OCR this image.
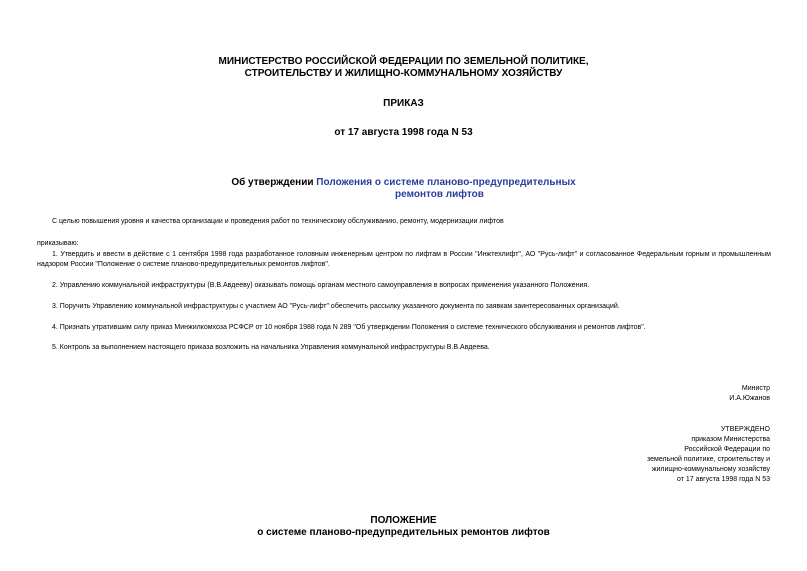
МИНИСТЕРСТВО РОССИЙСКОЙ ФЕДЕРАЦИИ ПО ЗЕМЕЛЬНОЙ ПОЛИТИКЕ,
СТРОИТЕЛЬСТВУ И ЖИЛИЩНО-КОММУНАЛЬНОМУ ХОЗЯЙСТВУ
ПРИКАЗ
от 17 августа 1998 года N 53
Об утверждении Положения о системе планово-предупредительных
ремонтов лифтов
С целью повышения уровня и качества организации и проведения работ по техническому обслуживанию, ремонту, модернизации лифтов
приказываю:
1. Утвердить и ввести в действие с 1 сентября 1998 года разработанное головным инженерным центром по лифтам в России "Инжтехлифт", АО "Русь-лифт" и согласованное Федеральным горным и промышленным надзором России "Положение о системе планово-предупредительных ремонтов лифтов".
2. Управлению коммунальной инфраструктуры (В.В.Авдееву) оказывать помощь органам местного самоуправления в вопросах применения указанного Положения.
3. Поручить Управлению коммунальной инфраструктуры с участием АО "Русь-лифт" обеспечить рассылку указанного документа по заявкам заинтересованных организаций.
4. Признать утратившим силу приказ Минжилкомхоза РСФСР от 10 ноября 1988 года N 289 "Об утверждении Положения о системе технического обслуживания и ремонтов лифтов".
5. Контроль за выполнением настоящего приказа возложить на начальника Управления коммунальной инфраструктуры В.В.Авдеева.
Министр
И.А.Южанов
УТВЕРЖДЕНО
приказом Министерства
Российской Федерации по
земельной политике, строительству и
жилищно-коммунальному хозяйству
от 17 августа 1998 года N 53
ПОЛОЖЕНИЕ
о системе планово-предупредительных ремонтов лифтов
